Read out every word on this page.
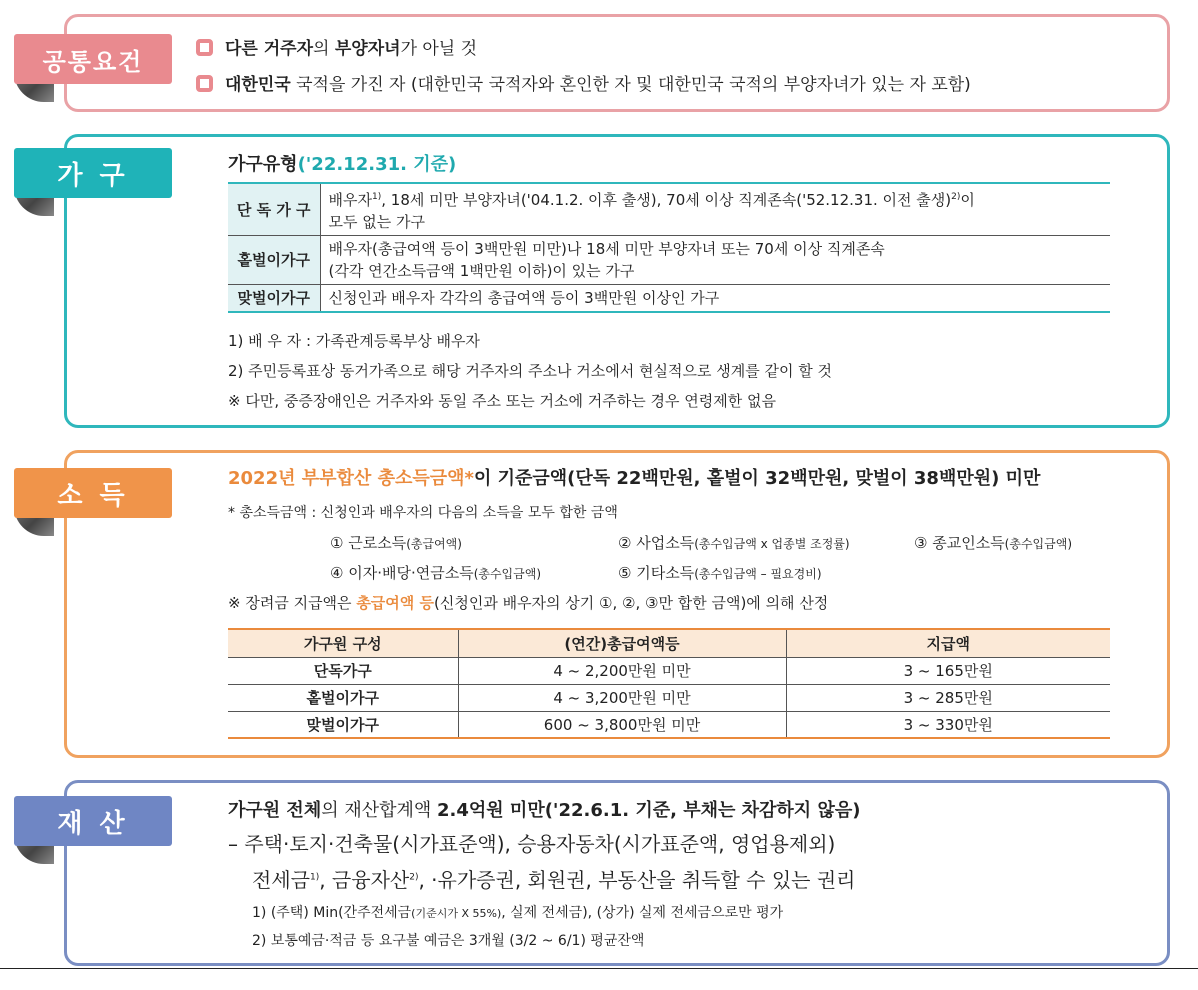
공통요건	다른 거주자의 부양자녀가 아닐 것
대한민국 국적을 가진 자 (대한민국 국적자와 혼인한 자 및 대한민국 국적의 부양자녀가 있는 자 포함)
가 구	가구유형('22.12.31. 기준)
단 독 가 구	배우자$^{1)}$, 18세 미만 부양자녀('04.1.2. 이후 출생), 70세 이상 직계존속('52.12.31. 이전 출생)$^{2)}$이
모두 없는 가구
홑벌이가구	배우자(총급여액 등이 3백만원 미만)나 18세 미만 부양자녀 또는 70세 이상 직계존속
(각각 연간소득금액 1백만원 이하)이 있는 가구
맞벌이가구	신청인과 배우자 각각의 총급여액 등이 3백만원 이상인 가구
1) 배 우 자 : 가족관계등록부상 배우자
2) 주민등록표상 동거가족으로 해당 거주자의 주소나 거소에서 현실적으로 생계를 같이 할 것
※ 다만, 중증장애인은 거주자와 동일 주소 또는 거소에 거주하는 경우 연령제한 없음
소 득
2022년 부부합산 총소득금액*이 기준금액(단독 22백만원, 홑벌이 32백만원, 맞벌이 38백만원) 미만
* 총소득금액 : 신청인과 배우자의 다음의 소득을 모두 합한 금액
① 근로소득(총급여액)	② 사업소득(총수입금액 x 업종별 조정률)	③ 종교인소득(총수입금액)
④ 이자·배당·연금소득(총수입금액)	⑤ 기타소득(총수입금액 – 필요경비)
※ 장려금 지급액은 총급여액 등(신청인과 배우자의 상기 ①, ②, ③만 합한 금액)에 의해 산정
가구원 구성	(연간)총급여액등	지급액
단독가구	4 ~ 2,200만원 미만	3 ~ 165만원
홑벌이가구	4 ~ 3,200만원 미만	3 ~ 285만원
맞벌이가구	600 ~ 3,800만원 미만	3 ~ 330만원
재 산	가구원 전체의 재산합계액 2.4억원 미만('22.6.1. 기준, 부채는 차감하지 않음)
– 주택·토지·건축물(시가표준액), 승용자동차(시가표준액, 영업용제외)
전세금$^{1)}$, 금융자산$^{2)}$, ·유가증권, 회원권, 부동산을 취득할 수 있는 권리
1) (주택) Min(간주전세금(기준시가 X 55%), 실제 전세금), (상가) 실제 전세금으로만 평가
2) 보통예금·적금 등 요구불 예금은 3개월 (3/2 ~ 6/1) 평균잔액
